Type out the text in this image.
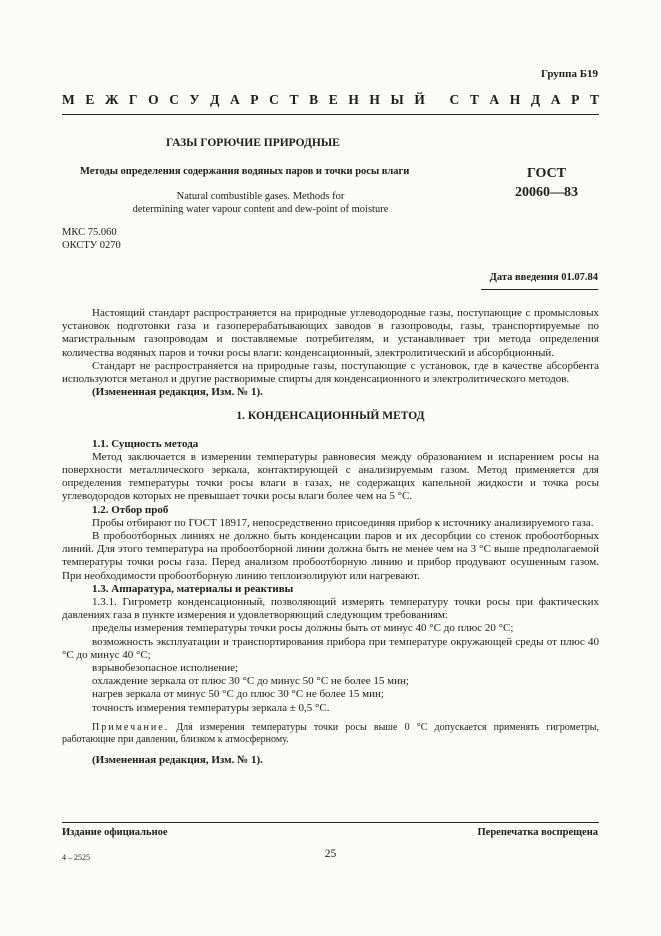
Группа Б19
М Е Ж Г О С У Д А Р С Т В Е Н Н Ы Й
С Т А Н Д А Р Т
ГАЗЫ ГОРЮЧИЕ ПРИРОДНЫЕ
Методы определения содержания водяных паров и точки росы влаги	ГОСТ
20060—83
Natural combustible gases. Methods for
determining water vapour content and dew-point of moisture
МКС 75.060
ОКСТУ 0270
Дата введения 01.07.84

Настоящий стандарт распространяется на природные углеводородные газы, поступающие с промысловых установок подготовки газа и газоперерабатывающих заводов в газопроводы, газы, транспортируемые по магистральным газопроводам и поставляемые потребителям, и устанавливает три метода определения количества водяных паров и точки росы влаги: конденсационный, электролитический и абсорбционный.

Стандарт не распространяется на природные газы, поступающие с установок, где в качестве абсорбента используются метанол и другие растворимые спирты для конденсационного и электролитического методов.

(Измененная редакция, Изм. № 1).

1. КОНДЕНСАЦИОННЫЙ МЕТОД

1.1. Сущность метода

Метод заключается в измерении температуры равновесия между образованием и испарением росы на поверхности металлического зеркала, контактирующей с анализируемым газом. Метод применяется для определения температуры точки росы влаги в газах, не содержащих капельной жидкости и точка росы углеводородов которых не превышает точки росы влаги более чем на 5 °С.

1.2. Отбор проб

Пробы отбирают по ГОСТ 18917, непосредственно присоединяя прибор к источнику анализируемого газа.

В пробоотборных линиях не должно быть конденсации паров и их десорбции со стенок пробоотборных линий. Для этого температура на пробоотборной линии должна быть не менее чем на 3 °С выше предполагаемой температуры точки росы газа. Перед анализом пробоотборную линию и прибор продувают осушенным газом. При необходимости пробоотборную линию теплоизолируют или нагревают.

1.3. Аппаратура, материалы и реактивы

1.3.1. Гигрометр конденсационный, позволяющий измерять температуру точки росы при фактических давлениях газа в пункте измерения и удовлетворяющий следующим требованиям:

пределы измерения температуры точки росы должны быть от минус 40 °С до плюс 20 °С;

возможность эксплуатации и транспортирования прибора при температуре окружающей среды от плюс 40 °С до минус 40 °С;

взрывобезопасное исполнение;

охлаждение зеркала от плюс 30 °С до минус 50 °С не более 15 мин;

нагрев зеркала от минус 50 °С до плюс 30 °С не более 15 мин;

точность измерения температуры зеркала ± 0,5 °С.

Примечание. Для измерения температуры точки росы выше 0 °С допускается применять гигрометры, работающие при давлении, близком к атмосферному.

(Измененная редакция, Изм. № 1).

Издание официальное	Перепечатка воспрещена
4 – 2525	25
